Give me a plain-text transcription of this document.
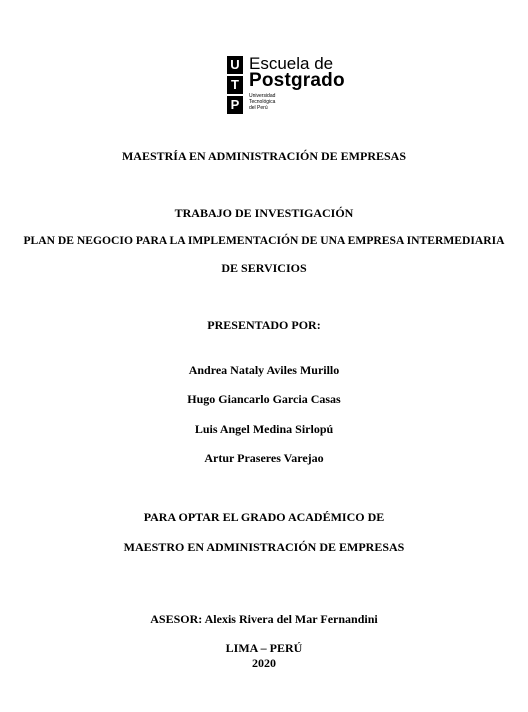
U
T
P
Escuela de
Postgrado
Universidad
Tecnológica
del Perú
MAESTRÍA EN ADMINISTRACIÓN DE EMPRESAS
TRABAJO DE INVESTIGACIÓN
PLAN DE NEGOCIO PARA LA IMPLEMENTACIÓN DE UNA EMPRESA INTERMEDIARIA
DE SERVICIOS
PRESENTADO POR:
Andrea Nataly Aviles Murillo
Hugo Giancarlo Garcia Casas
Luis Angel Medina Sirlopú
Artur Praseres Varejao
PARA OPTAR EL GRADO ACADÉMICO DE
MAESTRO EN ADMINISTRACIÓN DE EMPRESAS
ASESOR: Alexis Rivera del Mar Fernandini
LIMA – PERÚ
2020
